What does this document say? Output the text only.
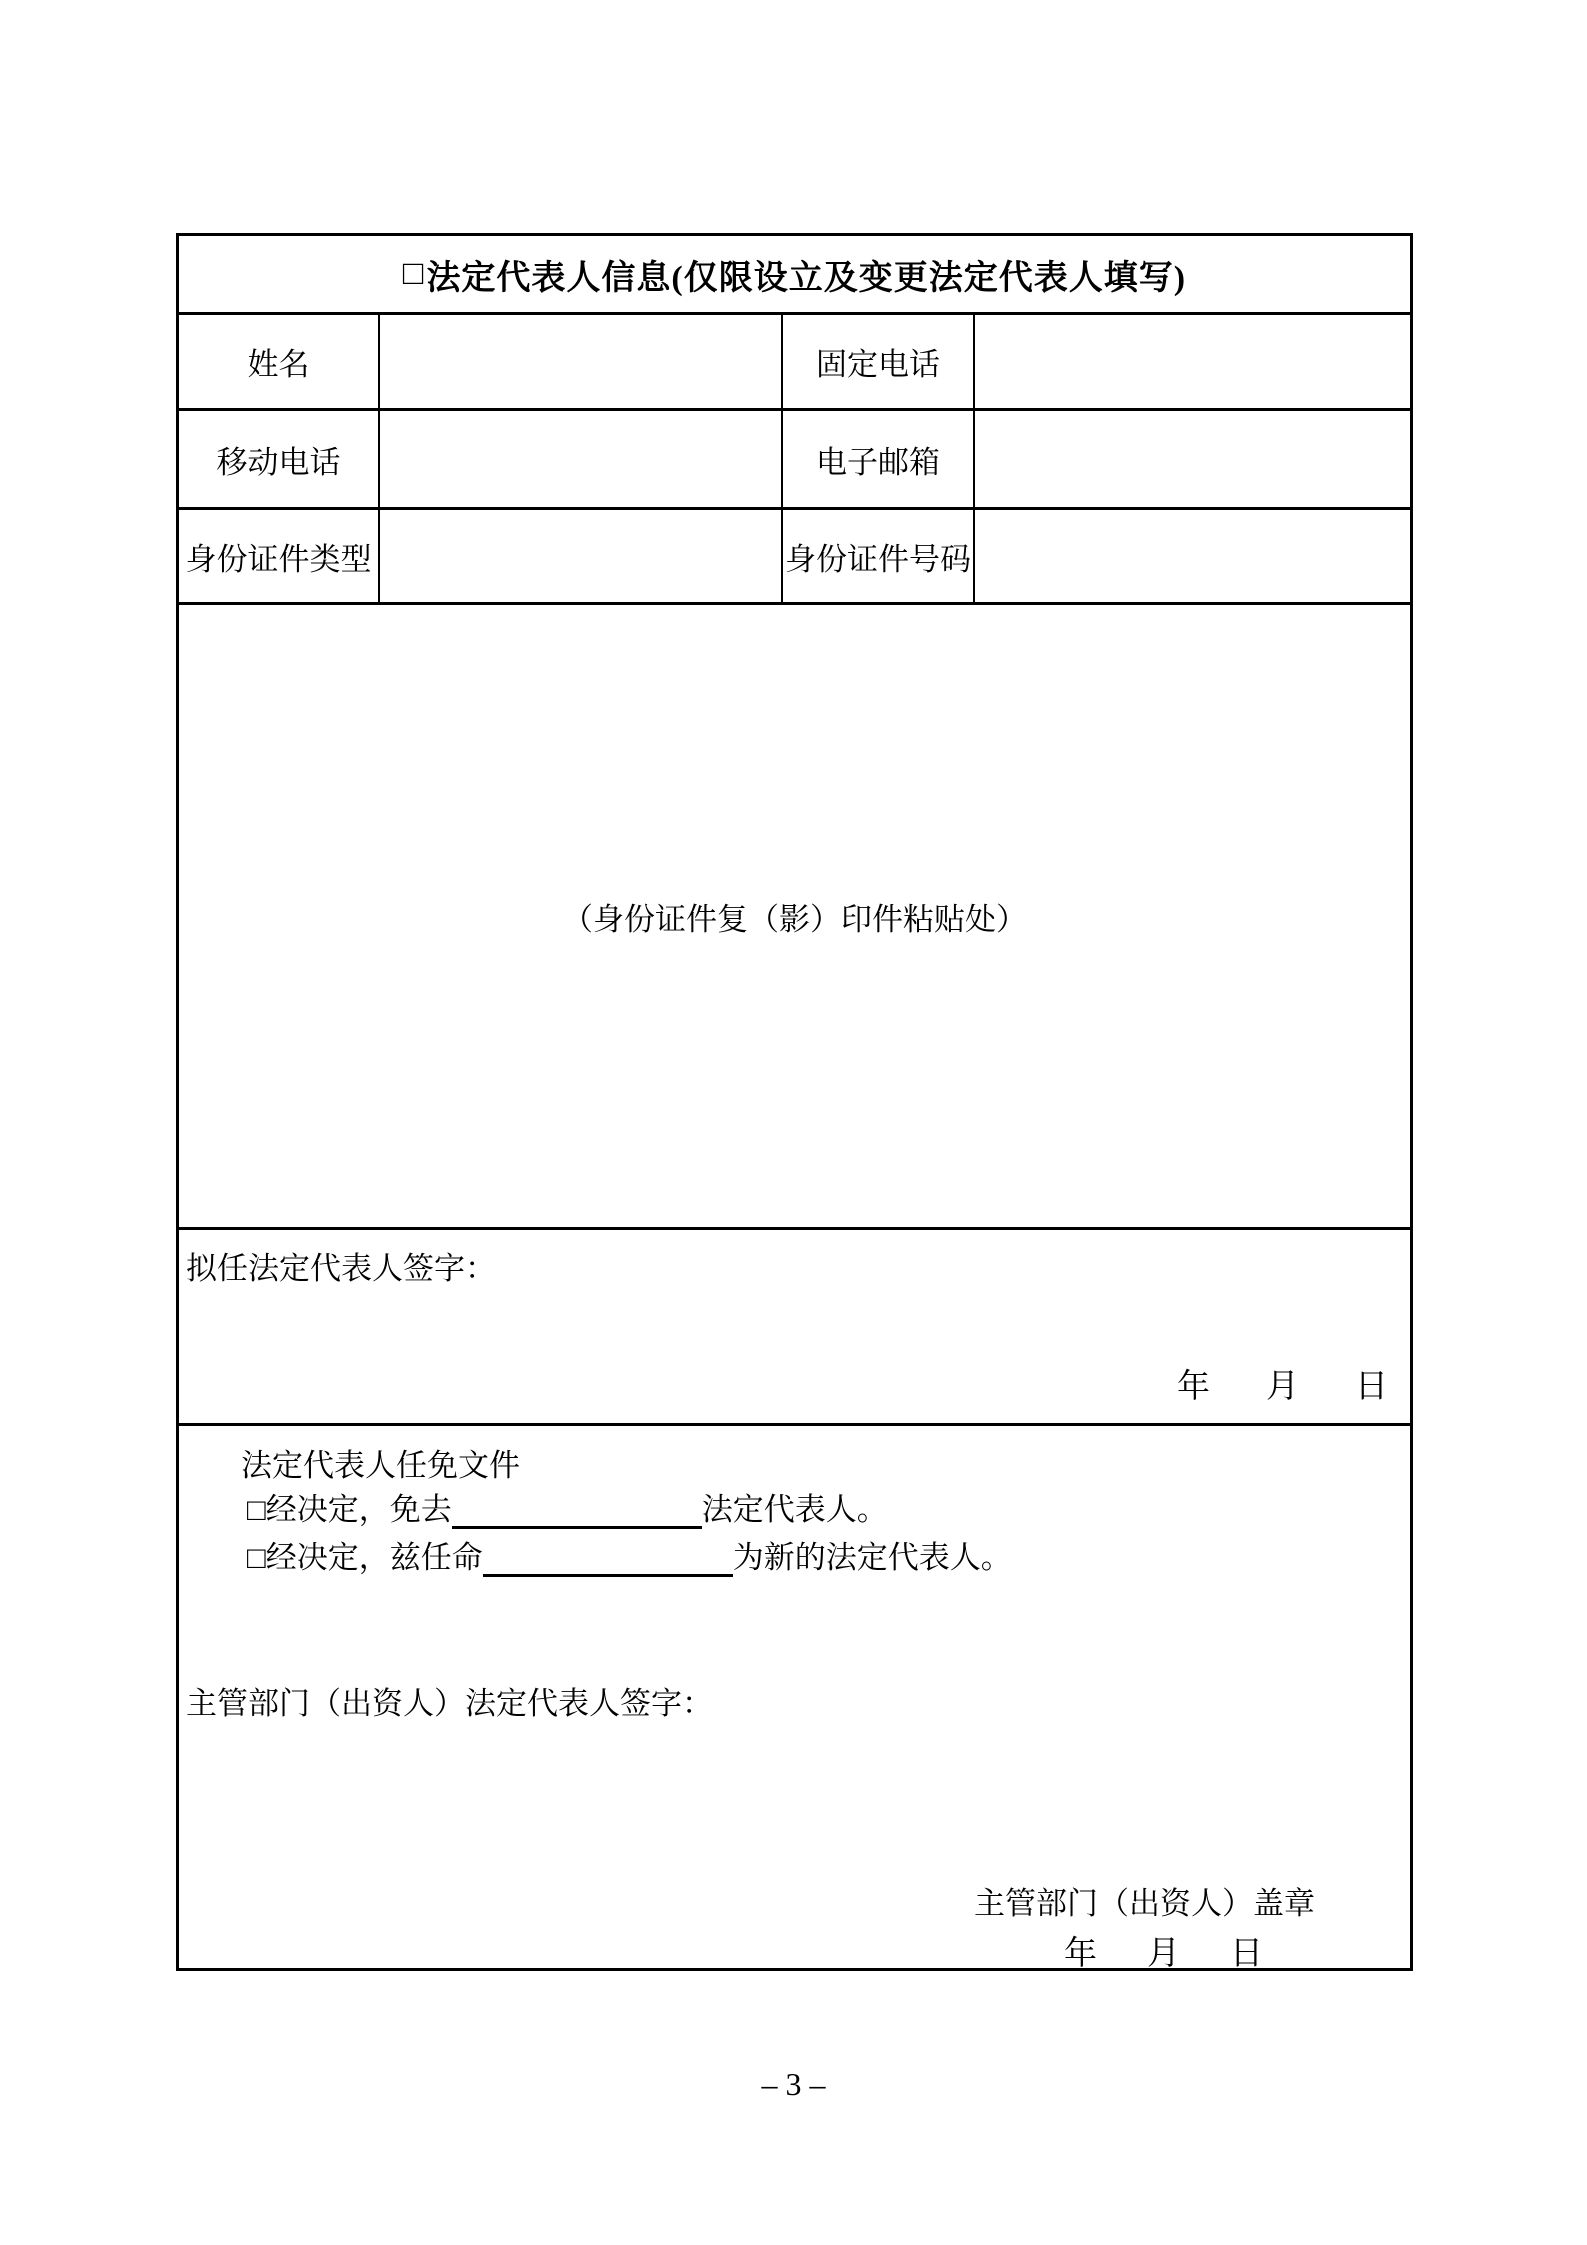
□ 法定代表人信息(仅限设立及变更法定代表人填写)
姓名	固定电话
移动电话	电子邮箱
身份证件类型	身份证件号码
（身份证件复（影）印件粘贴处）
拟任法定代表人签字：
年 月 日
法定代表人任免文件
□经决定，免去	法定代表人。
□经决定，兹任命	为新的法定代表人。
主管部门（出资人）法定代表人签字：
主管部门（出资人）盖章
年 月 日
– 3 –
